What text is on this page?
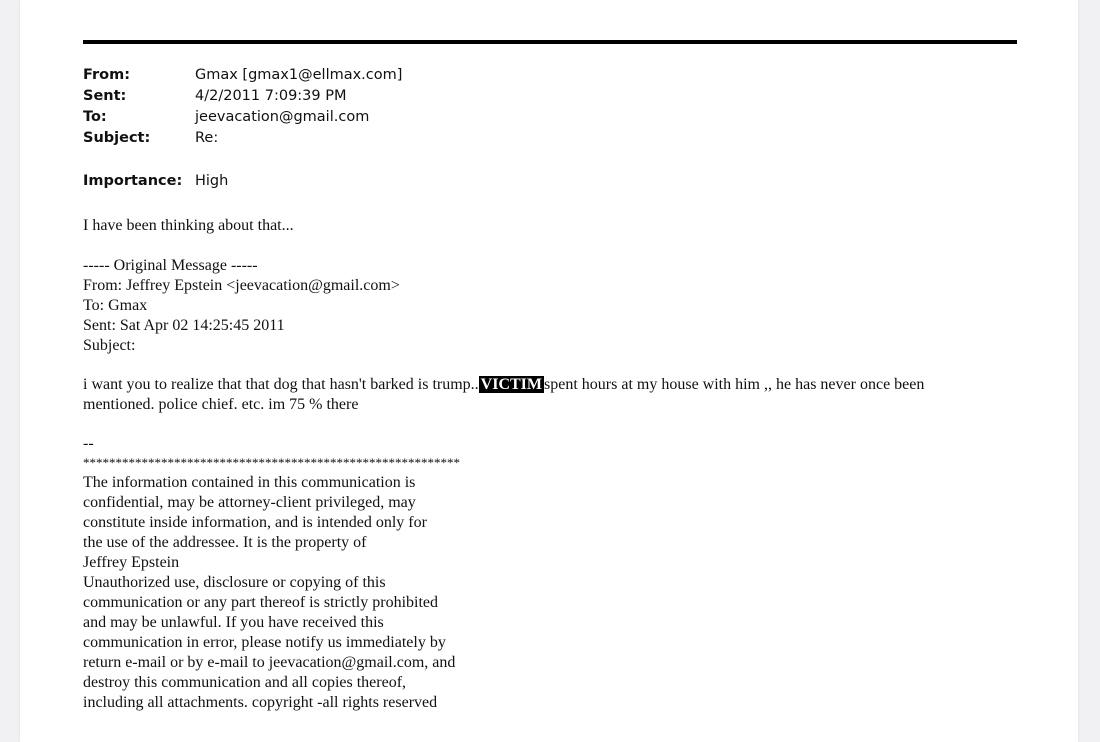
From:	Gmax [gmax1@ellmax.com]
Sent:	4/2/2011 7:09:39 PM
To:	jeevacation@gmail.com
Subject:	Re:
Importance: High
I have been thinking about that...
----- Original Message -----
From: Jeffrey Epstein <jeevacation@gmail.com>
To: Gmax
Sent: Sat Apr 02 14:25:45 2011
Subject:
i want you to realize that that dog that hasn't barked is trump.. VICTIM spent hours at my house with him ,, he has never once been
mentioned. police chief. etc. im 75 % there
--
**********************************************************
The information contained in this communication is
confidential, may be attorney-client privileged, may
constitute inside information, and is intended only for
the use of the addressee. It is the property of
Jeffrey Epstein
Unauthorized use, disclosure or copying of this
communication or any part thereof is strictly prohibited
and may be unlawful. If you have received this
communication in error, please notify us immediately by
return e-mail or by e-mail to jeevacation@gmail.com, and
destroy this communication and all copies thereof,
including all attachments. copyright -all rights reserved
